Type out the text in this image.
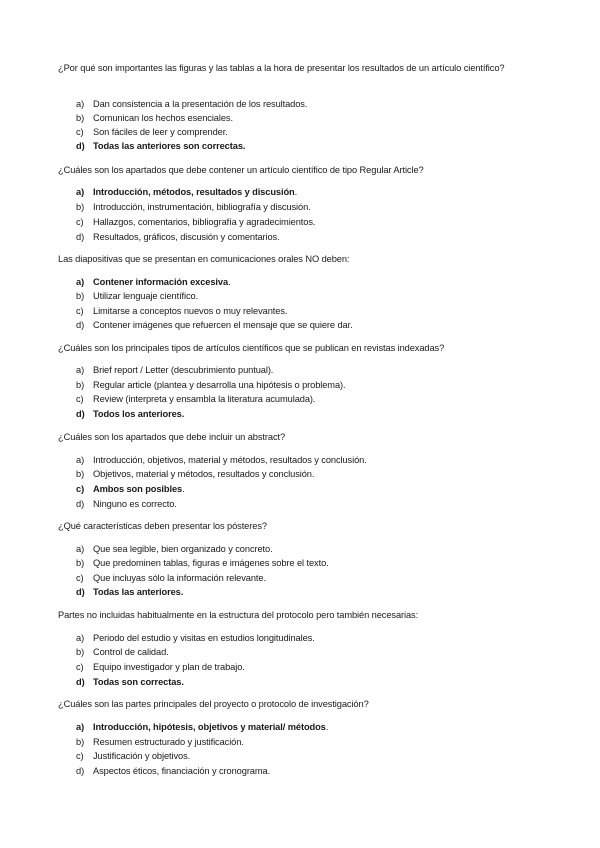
¿Por qué son importantes las figuras y las tablas a la hora de presentar los resultados de un artículo científico?
a) Dan consistencia a la presentación de los resultados.
b) Comunican los hechos esenciales.
c) Son fáciles de leer y comprender.
d) Todas las anteriores son correctas.
¿Cuáles son los apartados que debe contener un artículo científico de tipo Regular Article?
a) Introducción, métodos, resultados y discusión.
b) Introducción, instrumentación, bibliografía y discusión.
c) Hallazgos, comentarios, bibliografía y agradecimientos.
d) Resultados, gráficos, discusión y comentarios.
Las diapositivas que se presentan en comunicaciones orales NO deben:
a) Contener información excesiva.
b) Utilizar lenguaje científico.
c) Limitarse a conceptos nuevos o muy relevantes.
d) Contener imágenes que refuercen el mensaje que se quiere dar.
¿Cuáles son los principales tipos de artículos científicos que se publican en revistas indexadas?
a) Brief report / Letter (descubrimiento puntual).
b) Regular article (plantea y desarrolla una hipótesis o problema).
c) Review (interpreta y ensambla la literatura acumulada).
d) Todos los anteriores.
¿Cuáles son los apartados que debe incluir un abstract?
a) Introducción, objetivos, material y métodos, resultados y conclusión.
b) Objetivos, material y métodos, resultados y conclusión.
c) Ambos son posibles.
d) Ninguno es correcto.
¿Qué características deben presentar los pósteres?
a) Que sea legible, bien organizado y concreto.
b) Que predominen tablas, figuras e imágenes sobre el texto.
c) Que incluyas sólo la información relevante.
d) Todas las anteriores.
Partes no incluidas habitualmente en la estructura del protocolo pero también necesarias:
a) Periodo del estudio y visitas en estudios longitudinales.
b) Control de calidad.
c) Equipo investigador y plan de trabajo.
d) Todas son correctas.
¿Cuáles son las partes principales del proyecto o protocolo de investigación?
a) Introducción, hipótesis, objetivos y material/ métodos.
b) Resumen estructurado y justificación.
c) Justificación y objetivos.
d) Aspectos éticos, financiación y cronograma.
